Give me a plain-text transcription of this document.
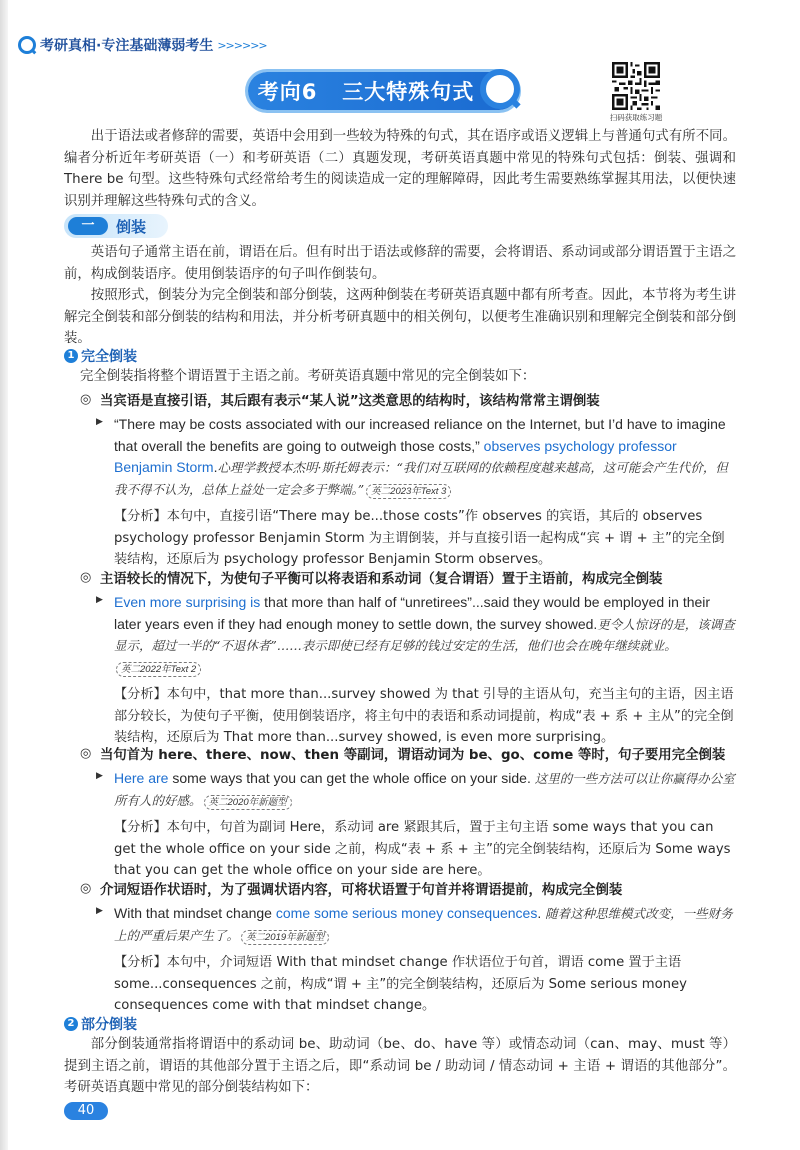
考研真相 ·专注基础薄弱考生 >>>>>>
考向6   三大特殊句式
扫码获取练习题

出于语法或者修辞的需要，英语中会用到一些较为特殊的句式，其在语序或语义逻辑上与普通句式有所不同。编者分析近年考研英语（一）和考研英语（二）真题发现，考研英语真题中常见的特殊句式包括：倒装、强调和 There be 句型。这些特殊句式经常给考生的阅读造成一定的理解障碍，因此考生需要熟练掌握其用法，以便快速识别并理解这些特殊句式的含义。

一	倒装

英语句子通常主语在前，谓语在后。但有时出于语法或修辞的需要，会将谓语、系动词或部分谓语置于主语之前，构成倒装语序。使用倒装语序的句子叫作倒装句。

按照形式，倒装分为完全倒装和部分倒装，这两种倒装在考研英语真题中都有所考查。因此，本节将为考生讲解完全倒装和部分倒装的结构和用法，并分析考研真题中的相关例句，以便考生准确识别和理解完全倒装和部分倒装。

1 完全倒装

完全倒装指将整个谓语置于主语之前。考研英语真题中常见的完全倒装如下：

◎ 当宾语是直接引语，其后跟有表示“某人说”这类意思的结构时，该结构常常主谓倒装
▶ “There may be costs associated with our increased reliance on the Internet, but I’d have to imagine that overall the benefits are going to outweigh those costs,” observes psychology professor Benjamin Storm.心理学教授本杰明·斯托姆表示：“我们对互联网的依赖程度越来越高，这可能会产生代价，但我不得不认为，总体上益处一定会多于弊端。” 英二2023年Text 3
【分析】本句中，直接引语“There may be...those costs”作 observes 的宾语，其后的 observes psychology professor Benjamin Storm 为主谓倒装，并与直接引语一起构成“宾 + 谓 + 主”的完全倒装结构，还原后为 psychology professor Benjamin Storm observes。
◎ 主语较长的情况下，为使句子平衡可以将表语和系动词（复合谓语）置于主语前，构成完全倒装
▶ Even more surprising is that more than half of “unretirees”...said they would be employed in their later years even if they had enough money to settle down, the survey showed.更令人惊讶的是，该调查显示，超过一半的“不退休者”……表示即使已经有足够的钱过安定的生活，他们也会在晚年继续就业。英二2022年Text 2
【分析】本句中，that more than...survey showed 为 that 引导的主语从句，充当主句的主语，因主语部分较长，为使句子平衡，使用倒装语序，将主句中的表语和系动词提前，构成“表 + 系 + 主从”的完全倒装结构，还原后为 That more than...survey showed, is even more surprising。
◎ 当句首为 here、there、now、then 等副词，谓语动词为 be、go、come 等时，句子要用完全倒装
▶ Here are some ways that you can get the whole office on your side. 这里的一些方法可以让你赢得办公室所有人的好感。 英二2020年新题型
【分析】本句中，句首为副词 Here，系动词 are 紧跟其后，置于主句主语 some ways that you can get the whole office on your side 之前，构成“表 + 系 + 主”的完全倒装结构，还原后为 Some ways that you can get the whole office on your side are here。
◎ 介词短语作状语时，为了强调状语内容，可将状语置于句首并将谓语提前，构成完全倒装
▶ With that mindset change come some serious money consequences. 随着这种思维模式改变，一些财务上的严重后果产生了。 英二2019年新题型
【分析】本句中，介词短语 With that mindset change 作状语位于句首，谓语 come 置于主语 some...consequences 之前，构成“谓 + 主”的完全倒装结构，还原后为 Some serious money consequences come with that mindset change。
2 部分倒装

部分倒装通常指将谓语中的系动词 be、助动词（be、do、have 等）或情态动词（can、may、must 等）提到主语之前，谓语的其他部分置于主语之后，即“系动词 be / 助动词 / 情态动词 + 主语 + 谓语的其他部分”。考研英语真题中常见的部分倒装结构如下：

40
